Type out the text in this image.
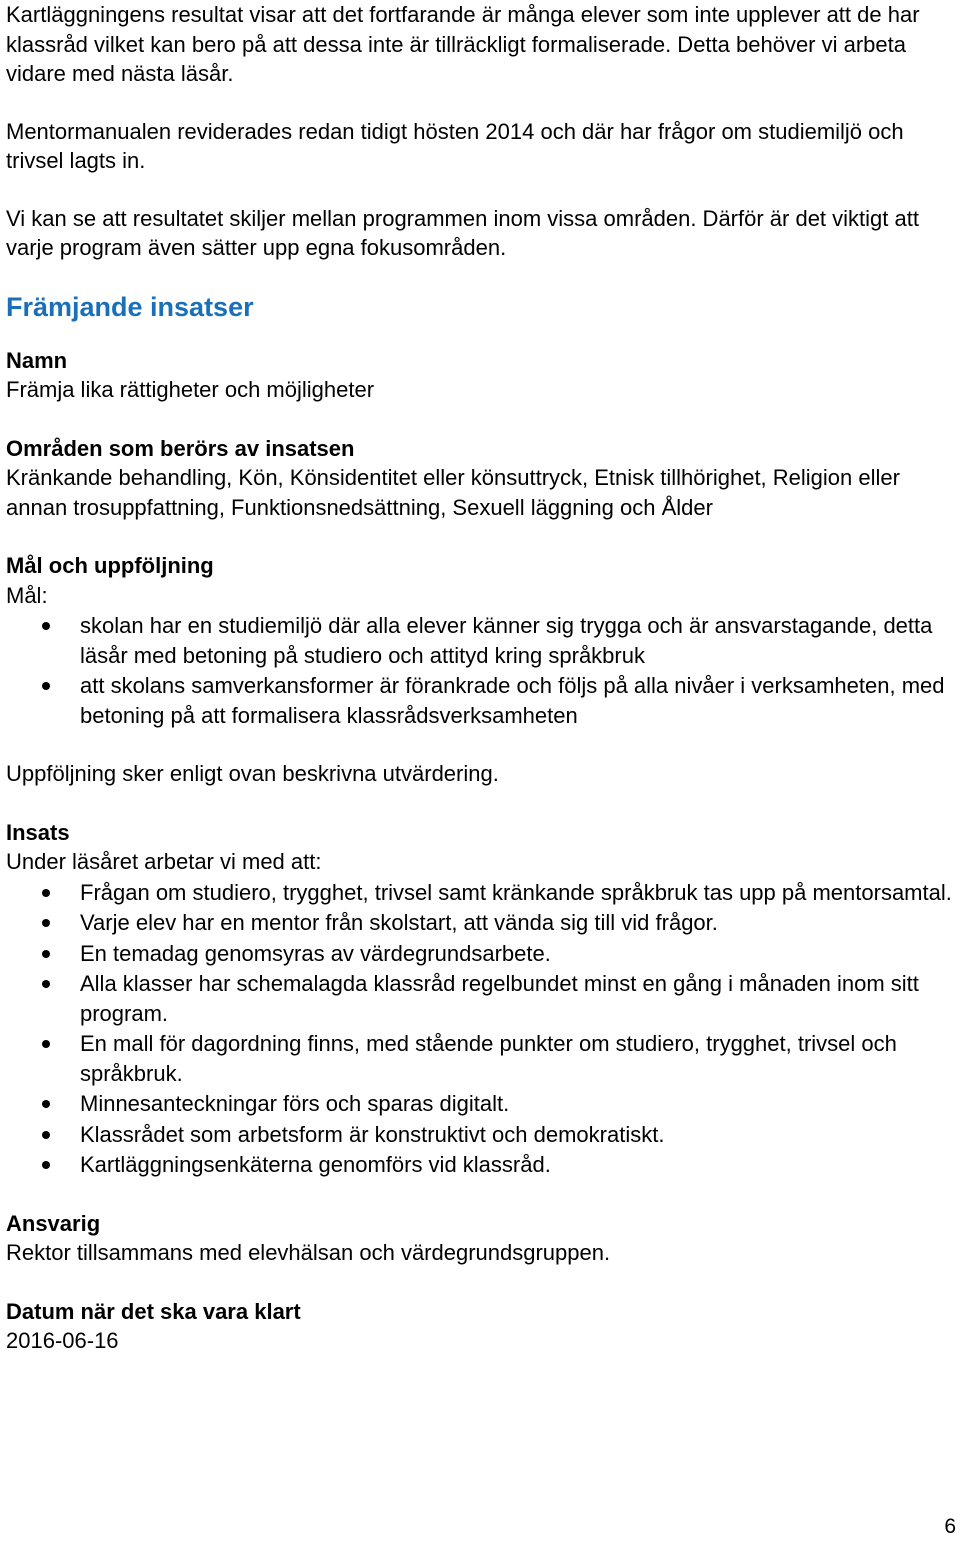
Kartläggningens resultat visar att det fortfarande är många elever som inte upplever att de har klassråd vilket kan bero på att dessa inte är tillräckligt formaliserade. Detta behöver vi arbeta vidare med nästa läsår.

Mentormanualen reviderades redan tidigt hösten 2014 och där har frågor om studiemiljö och trivsel lagts in.

Vi kan se att resultatet skiljer mellan programmen inom vissa områden. Därför är det viktigt att varje program även sätter upp egna fokusområden.

Främjande insatser
Namn
Främja lika rättigheter och möjligheter
Områden som berörs av insatsen
Kränkande behandling, Kön, Könsidentitet eller könsuttryck, Etnisk tillhörighet, Religion eller annan trosuppfattning, Funktionsnedsättning, Sexuell läggning och Ålder
Mål och uppföljning
Mål:
skolan har en studiemiljö där alla elever känner sig trygga och är ansvarstagande, detta läsår med betoning på studiero och attityd kring språkbruk
att skolans samverkansformer är förankrade och följs på alla nivåer i verksamheten, med betoning på att formalisera klassrådsverksamheten
Uppföljning sker enligt ovan beskrivna utvärdering.
Insats
Under läsåret arbetar vi med att:
Frågan om studiero, trygghet, trivsel samt kränkande språkbruk tas upp på mentorsamtal.
Varje elev har en mentor från skolstart, att vända sig till vid frågor.
En temadag genomsyras av värdegrundsarbete.
Alla klasser har schemalagda klassråd regelbundet minst en gång i månaden inom sitt program.
En mall för dagordning finns, med stående punkter om studiero, trygghet, trivsel och språkbruk.
Minnesanteckningar förs och sparas digitalt.
Klassrådet som arbetsform är konstruktivt och demokratiskt.
Kartläggningsenkäterna genomförs vid klassråd.
Ansvarig
Rektor tillsammans med elevhälsan och värdegrundsgruppen.
Datum när det ska vara klart
2016-06-16
6
